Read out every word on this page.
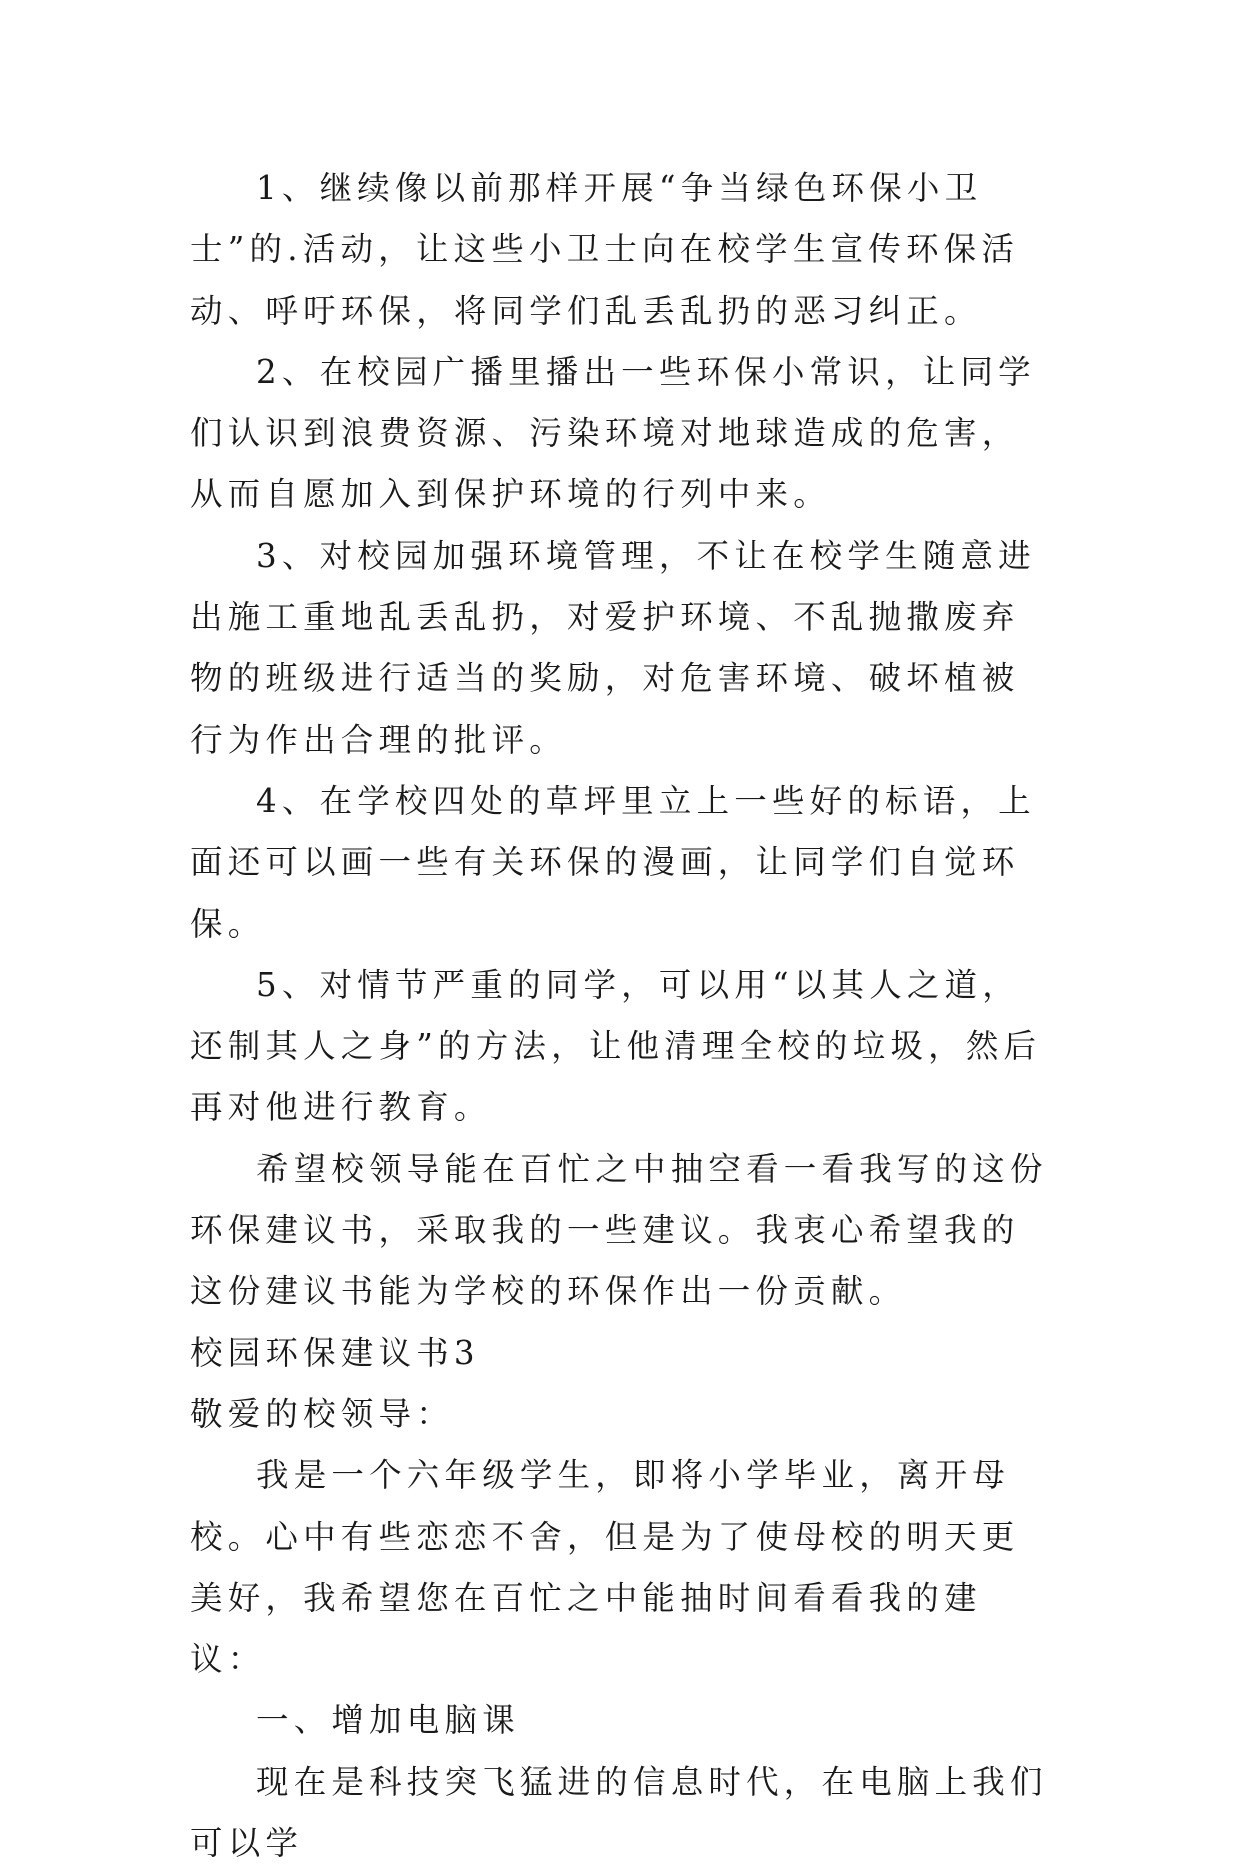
1、继续像以前那样开展“争当绿色环保小卫士”的.活动，让这些小卫士向在校学生宣传环保活动、呼吁环保，将同学们乱丢乱扔的恶习纠正。

2、在校园广播里播出一些环保小常识，让同学们认识到浪费资源、污染环境对地球造成的危害，从而自愿加入到保护环境的行列中来。

3、对校园加强环境管理，不让在校学生随意进出施工重地乱丢乱扔，对爱护环境、不乱抛撒废弃物的班级进行适当的奖励，对危害环境、破坏植被行为作出合理的批评。

4、在学校四处的草坪里立上一些好的标语，上面还可以画一些有关环保的漫画，让同学们自觉环保。

5、对情节严重的同学，可以用“以其人之道，还制其人之身”的方法，让他清理全校的垃圾，然后再对他进行教育。

希望校领导能在百忙之中抽空看一看我写的这份环保建议书，采取我的一些建议。我衷心希望我的这份建议书能为学校的环保作出一份贡献。

校园环保建议书3

敬爱的校领导：

我是一个六年级学生，即将小学毕业，离开母校。心中有些恋恋不舍，但是为了使母校的明天更美好，我希望您在百忙之中能抽时间看看我的建议：

一、增加电脑课

现在是科技突飞猛进的信息时代，在电脑上我们可以学
